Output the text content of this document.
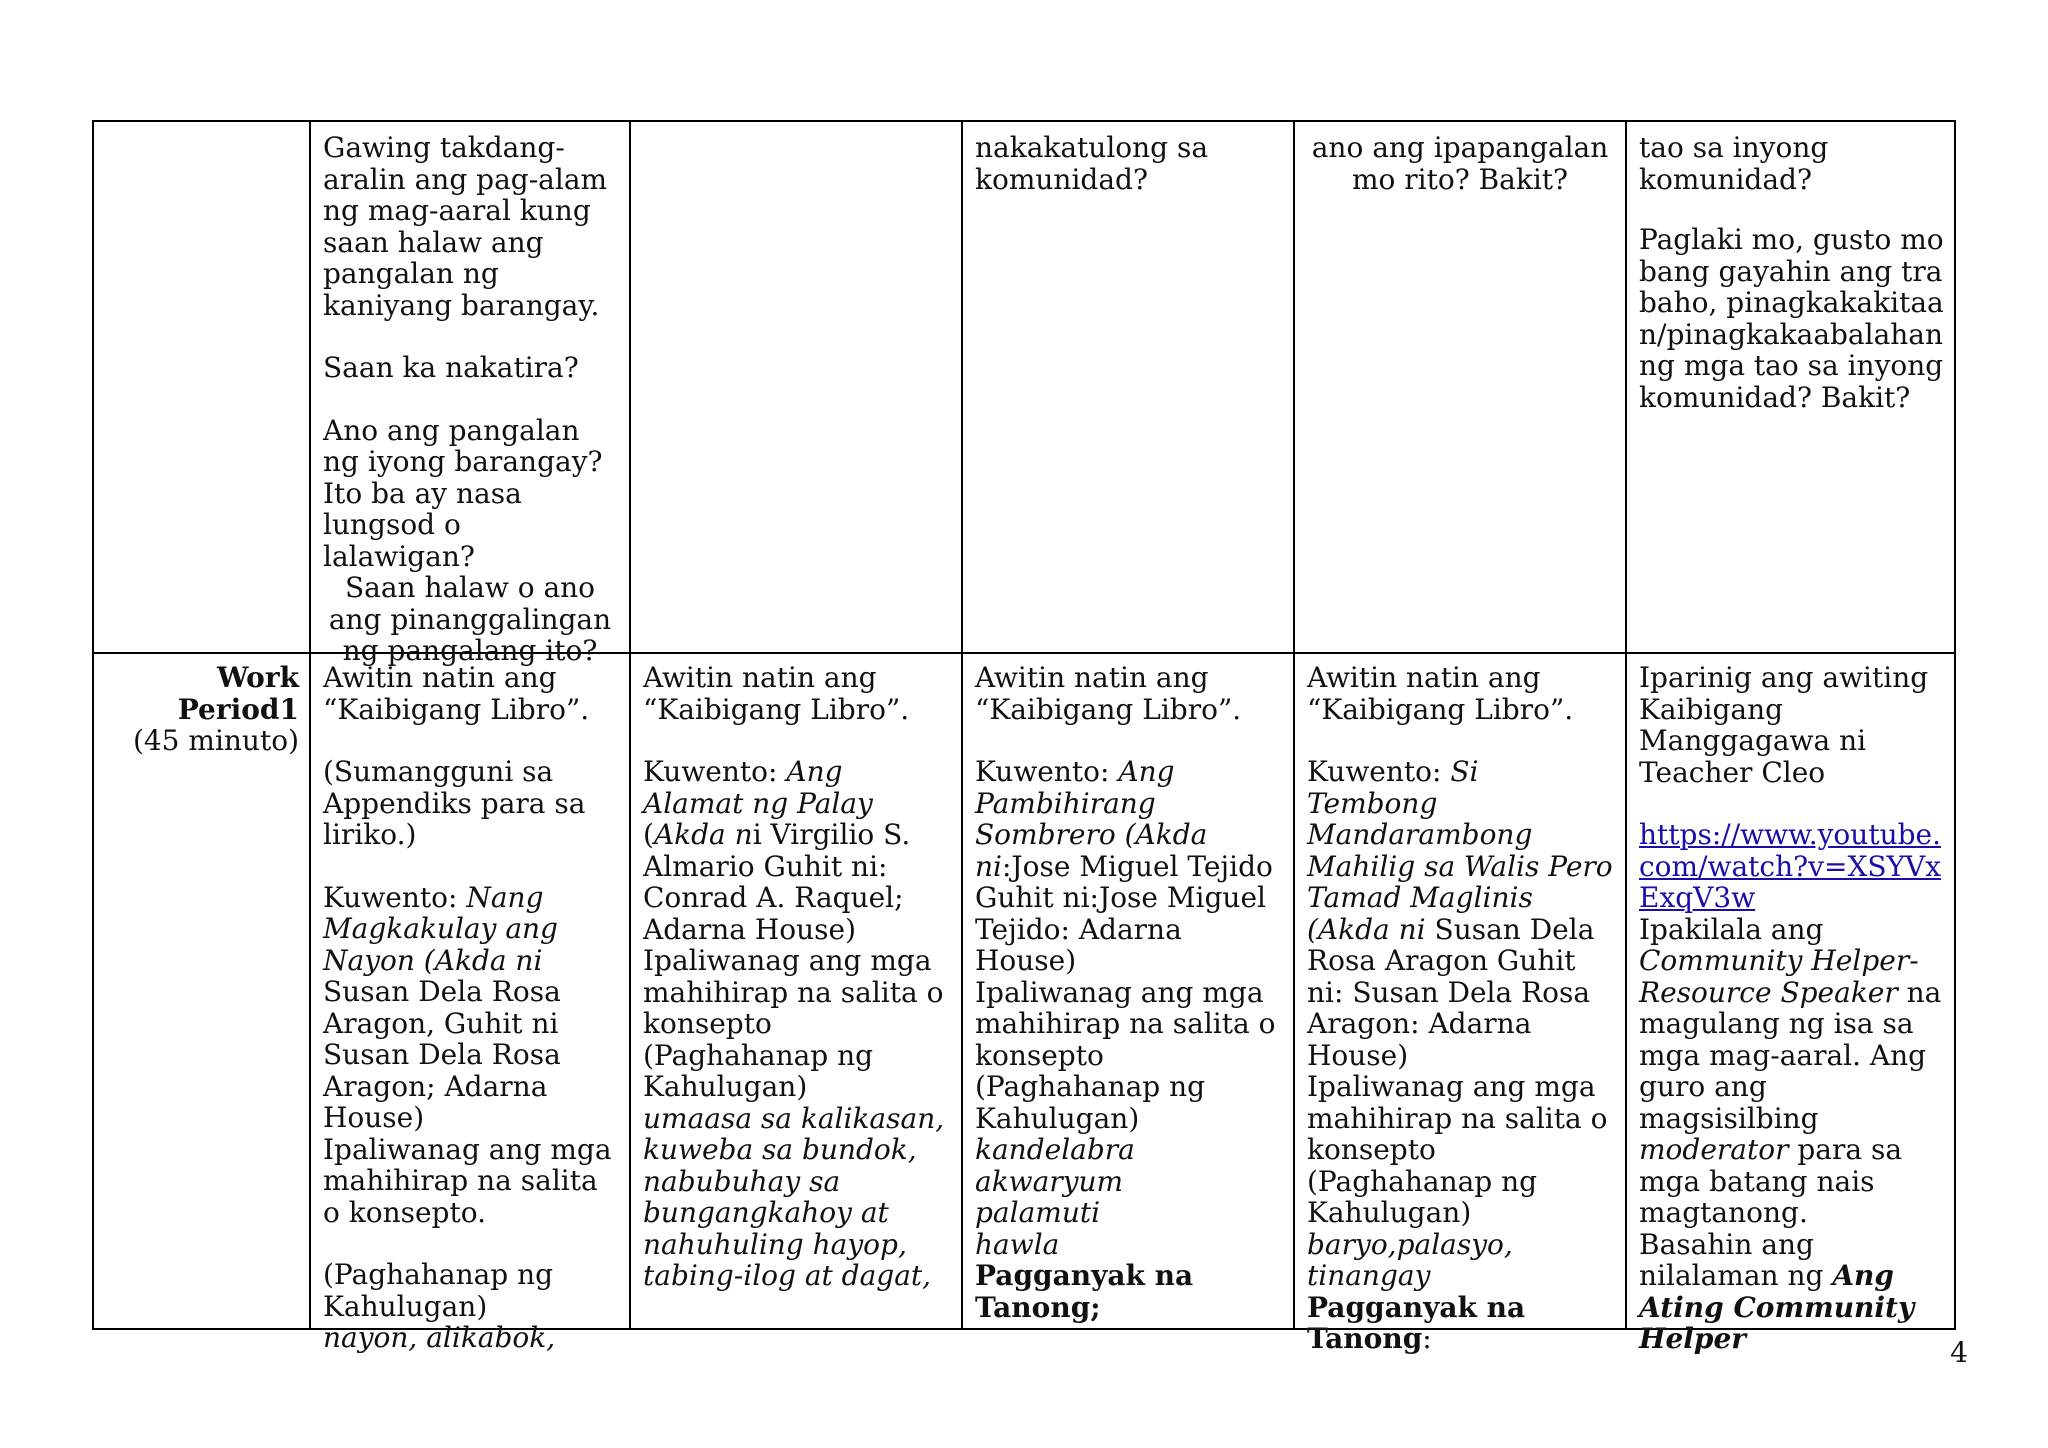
Gawing takdang-aralin ang pag-alam ng mag-aaral kung saan halaw ang pangalan ng kaniyang barangay.

Saan ka nakatira?

Ano ang pangalan ng iyong barangay? Ito ba ay nasa lungsod o lalawigan?

Saan halaw o ano ang pinanggalingan ng pangalang ito?

nakakatulong sa komunidad?

ano ang ipapangalan mo rito? Bakit?

tao sa inyong komunidad?

Paglaki mo, gusto mo bang gayahin ang trabaho, pinagkakakitaan/pinagkakaabalahan ng mga tao sa inyong komunidad? Bakit?

Work Period1

(45 minuto)

Awitin natin ang

“Kaibigang Libro”.

(Sumangguni sa Appendiks para sa liriko.)

Kuwento: Nang Magkakulay ang Nayon (Akda ni Susan Dela Rosa Aragon, Guhit ni Susan Dela Rosa Aragon; Adarna House)

Ipaliwanag ang mga mahihirap na salita o konsepto.

(Paghahanap ng Kahulugan)

nayon, alikabok,

Awitin natin ang

“Kaibigang Libro”.

Kuwento: Ang Alamat ng Palay (Akda ni Virgilio S. Almario Guhit ni: Conrad A. Raquel; Adarna House)

Ipaliwanag ang mga mahihirap na salita o konsepto

(Paghahanap ng Kahulugan)

umaasa sa kalikasan, kuweba sa bundok, nabubuhay sa bungangkahoy at nahuhuling hayop, tabing-ilog at dagat,

Awitin natin ang

“Kaibigang Libro”.

Kuwento: Ang Pambihirang Sombrero (Akda ni:Jose Miguel Tejido

Guhit ni:Jose Miguel Tejido: Adarna House)

Ipaliwanag ang mga mahihirap na salita o konsepto

(Paghahanap ng Kahulugan)

kandelabra

akwaryum

palamuti

hawla

Pagganyak na Tanong;

Awitin natin ang

“Kaibigang Libro”.

Kuwento: Si Tembong Mandarambong Mahilig sa Walis Pero Tamad Maglinis (Akda ni Susan Dela Rosa Aragon Guhit ni: Susan Dela Rosa Aragon: Adarna House)

Ipaliwanag ang mga mahihirap na salita o konsepto

(Paghahanap ng Kahulugan)

baryo,palasyo, tinangay

Pagganyak na Tanong:

Iparinig ang awiting Kaibigang Manggagawa ni Teacher Cleo

https://www.youtube.com/watch?v=XSYVxExqV3w

Ipakilala ang Community Helper-Resource Speaker na magulang ng isa sa mga mag-aaral. Ang guro ang magsisilbing moderator para sa mga batang nais magtanong.

Basahin ang nilalaman ng Ang Ating Community Helper	4
